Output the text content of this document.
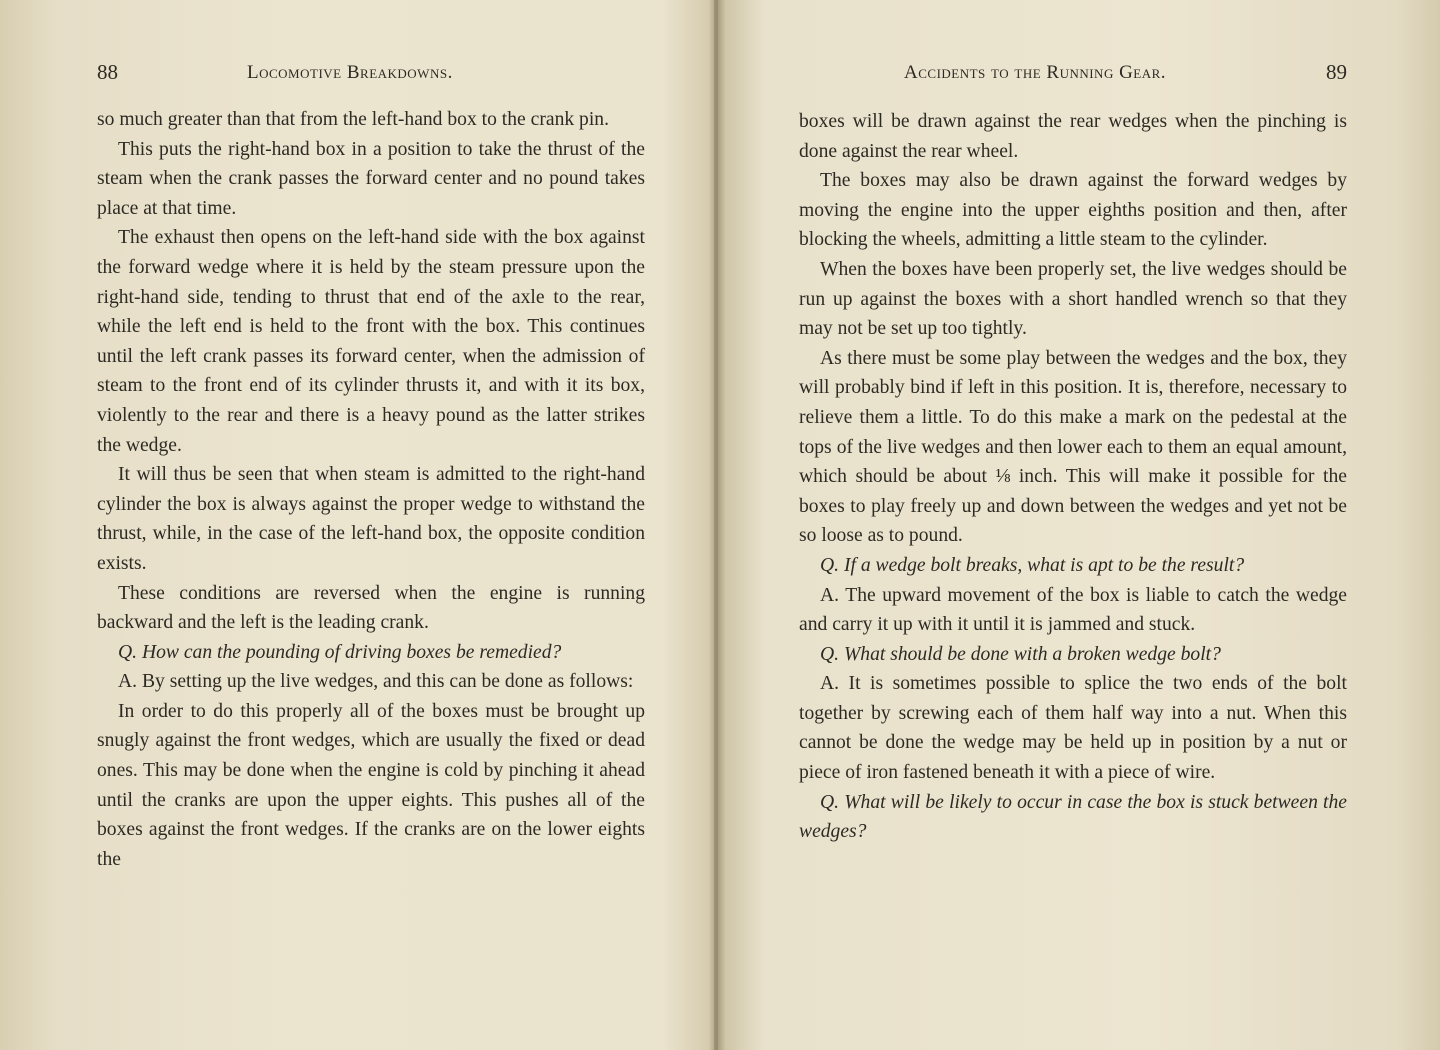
88	Locomotive Breakdowns.

so much greater than that from the left-hand box to the crank pin.

This puts the right-hand box in a position to take the thrust of the steam when the crank passes the forward center and no pound takes place at that time.

The exhaust then opens on the left-hand side with the box against the forward wedge where it is held by the steam pressure upon the right-hand side, tending to thrust that end of the axle to the rear, while the left end is held to the front with the box. This continues until the left crank passes its forward center, when the admission of steam to the front end of its cylinder thrusts it, and with it its box, violently to the rear and there is a heavy pound as the latter strikes the wedge.

It will thus be seen that when steam is admitted to the right-hand cylinder the box is always against the proper wedge to withstand the thrust, while, in the case of the left-hand box, the opposite condition exists.

These conditions are reversed when the engine is running backward and the left is the leading crank.

Q. How can the pounding of driving boxes be remedied?

A. By setting up the live wedges, and this can be done as follows:

In order to do this properly all of the boxes must be brought up snugly against the front wedges, which are usually the fixed or dead ones. This may be done when the engine is cold by pinching it ahead until the cranks are upon the upper eights. This pushes all of the boxes against the front wedges. If the cranks are on the lower eights the

Accidents to the Running Gear.	89

boxes will be drawn against the rear wedges when the pinching is done against the rear wheel.

The boxes may also be drawn against the forward wedges by moving the engine into the upper eighths position and then, after blocking the wheels, admitting a little steam to the cylinder.

When the boxes have been properly set, the live wedges should be run up against the boxes with a short handled wrench so that they may not be set up too tightly.

As there must be some play between the wedges and the box, they will probably bind if left in this position. It is, therefore, necessary to relieve them a little. To do this make a mark on the pedestal at the tops of the live wedges and then lower each to them an equal amount, which should be about ⅛ inch. This will make it possible for the boxes to play freely up and down between the wedges and yet not be so loose as to pound.

Q. If a wedge bolt breaks, what is apt to be the result?

A. The upward movement of the box is liable to catch the wedge and carry it up with it until it is jammed and stuck.

Q. What should be done with a broken wedge bolt?

A. It is sometimes possible to splice the two ends of the bolt together by screwing each of them half way into a nut. When this cannot be done the wedge may be held up in position by a nut or piece of iron fastened beneath it with a piece of wire.

Q. What will be likely to occur in case the box is stuck between the wedges?
